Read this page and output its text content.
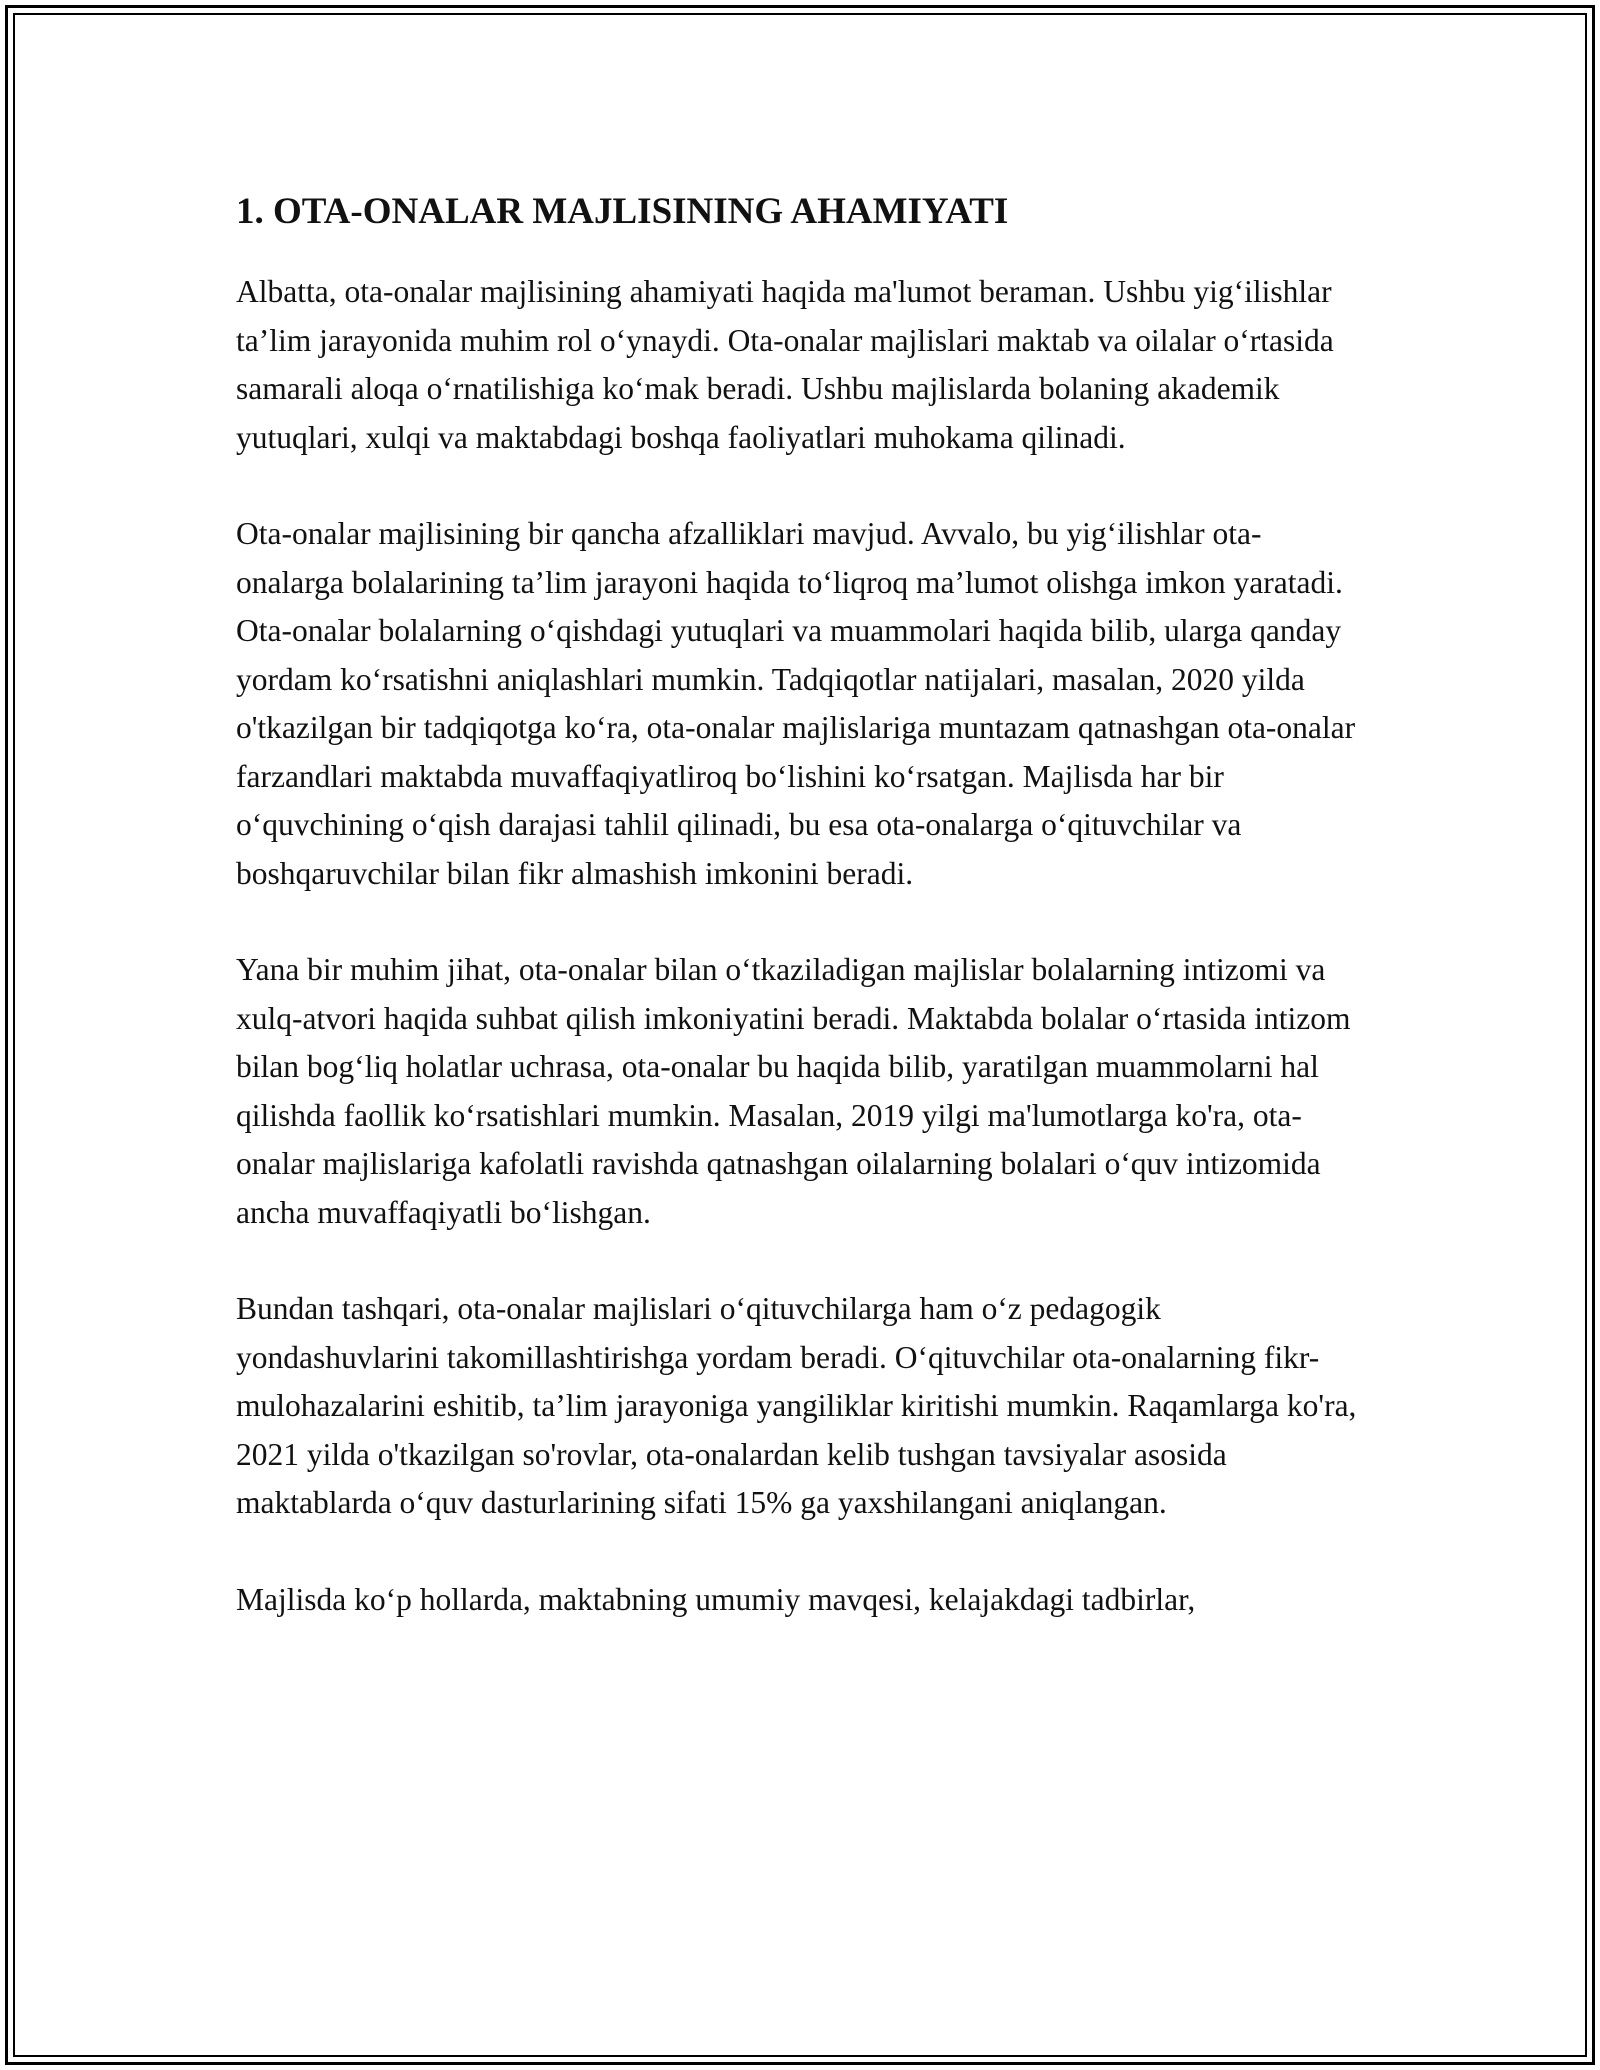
1. OTA-ONALAR MAJLISINING AHAMIYATI

Albatta, ota-onalar majlisining ahamiyati haqida ma'lumot beraman. Ushbu yig‘ilishlar ta’lim jarayonida muhim rol o‘ynaydi. Ota-onalar majlislari maktab va oilalar o‘rtasida samarali aloqa o‘rnatilishiga ko‘mak beradi. Ushbu majlislarda bolaning akademik yutuqlari, xulqi va maktabdagi boshqa faoliyatlari muhokama qilinadi.

Ota-onalar majlisining bir qancha afzalliklari mavjud. Avvalo, bu yig‘ilishlar ota-onalarga bolalarining ta’lim jarayoni haqida to‘liqroq ma’lumot olishga imkon yaratadi. Ota-onalar bolalarning o‘qishdagi yutuqlari va muammolari haqida bilib, ularga qanday yordam ko‘rsatishni aniqlashlari mumkin. Tadqiqotlar natijalari, masalan, 2020 yilda o'tkazilgan bir tadqiqotga ko‘ra, ota-onalar majlislariga muntazam qatnashgan ota-onalar farzandlari maktabda muvaffaqiyatliroq bo‘lishini ko‘rsatgan. Majlisda har bir o‘quvchining o‘qish darajasi tahlil qilinadi, bu esa ota-onalarga o‘qituvchilar va boshqaruvchilar bilan fikr almashish imkonini beradi.

Yana bir muhim jihat, ota-onalar bilan o‘tkaziladigan majlislar bolalarning intizomi va xulq-atvori haqida suhbat qilish imkoniyatini beradi. Maktabda bolalar o‘rtasida intizom bilan bog‘liq holatlar uchrasa, ota-onalar bu haqida bilib, yaratilgan muammolarni hal qilishda faollik ko‘rsatishlari mumkin. Masalan, 2019 yilgi ma'lumotlarga ko'ra, ota-onalar majlislariga kafolatli ravishda qatnashgan oilalarning bolalari o‘quv intizomida ancha muvaffaqiyatli bo‘lishgan.

Bundan tashqari, ota-onalar majlislari o‘qituvchilarga ham o‘z pedagogik yondashuvlarini takomillashtirishga yordam beradi. O‘qituvchilar ota-onalarning fikr-mulohazalarini eshitib, ta’lim jarayoniga yangiliklar kiritishi mumkin. Raqamlarga ko'ra, 2021 yilda o'tkazilgan so'rovlar, ota-onalardan kelib tushgan tavsiyalar asosida maktablarda o‘quv dasturlarining sifati 15% ga yaxshilangani aniqlangan.

Majlisda ko‘p hollarda, maktabning umumiy mavqesi, kelajakdagi tadbirlar,
